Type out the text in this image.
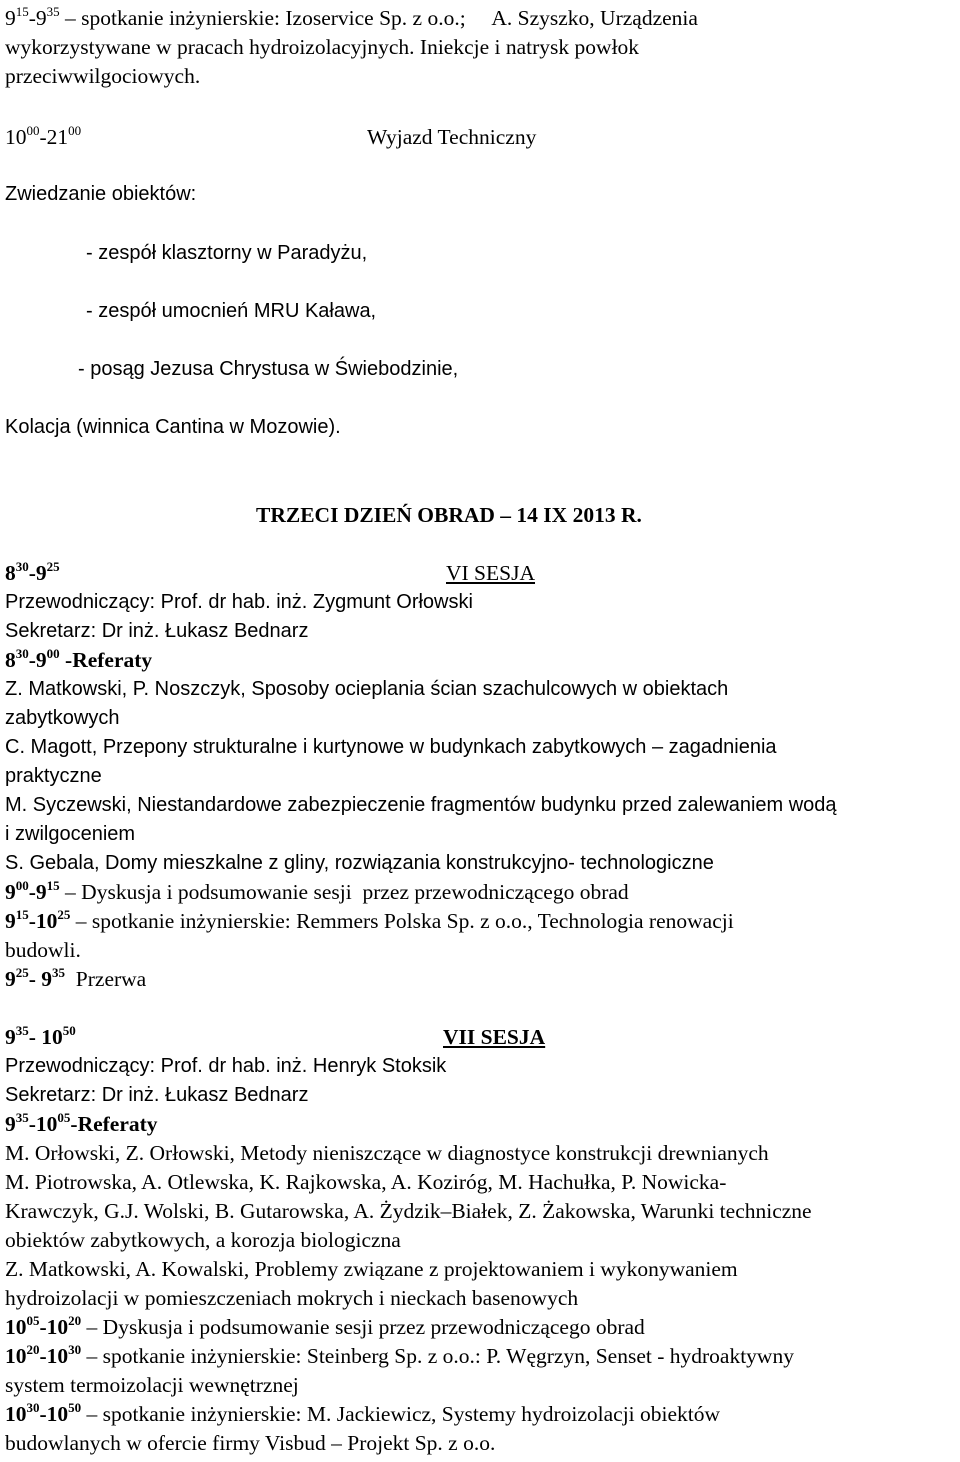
$9^{15}-9^{35}$ – spotkanie inżynierskie: Izoservice Sp. z o.o.;     A. Szyszko, Urządzenia
wykorzystywane w pracach hydroizolacyjnych. Iniekcje i natrysk powłok
przeciwwilgociowych.
$10^{00}-21^{00}$	Wyjazd Techniczny
Zwiedzanie obiektów:
- zespół klasztorny w Paradyżu,
- zespół umocnień MRU Kaława,
- posąg Jezusa Chrystusa w Świebodzinie,
Kolacja (winnica Cantina w Mozowie).
TRZECI DZIEŃ OBRAD – 14 IX 2013 R.
$8^{30}-9^{25}$	VI SESJA
Przewodniczący: Prof. dr hab. inż. Zygmunt Orłowski
Sekretarz: Dr inż. Łukasz Bednarz
$8^{30}-9^{00}$ -Referaty
Z. Matkowski, P. Noszczyk, Sposoby ocieplania ścian szachulcowych w obiektach
zabytkowych
C. Magott, Przepony strukturalne i kurtynowe w budynkach zabytkowych – zagadnienia
praktyczne
M. Syczewski, Niestandardowe zabezpieczenie fragmentów budynku przed zalewaniem wodą
i zwilgoceniem
S. Gebala, Domy mieszkalne z gliny, rozwiązania konstrukcyjno- technologiczne
$9^{00}-9^{15}$ – Dyskusja i podsumowanie sesji  przez przewodniczącego obrad
$9^{15}-10^{25}$ – spotkanie inżynierskie: Remmers Polska Sp. z o.o., Technologia renowacji
budowli.
$9^{25}-$ $9^{35}$  Przerwa
$9^{35}-$ $10^{50}$	VII SESJA
Przewodniczący: Prof. dr hab. inż. Henryk Stoksik
Sekretarz: Dr inż. Łukasz Bednarz
$9^{35}-10^{05}$-Referaty
M. Orłowski, Z. Orłowski, Metody nieniszczące w diagnostyce konstrukcji drewnianych
M. Piotrowska, A. Otlewska, K. Rajkowska, A. Koziróg, M. Hachułka, P. Nowicka-
Krawczyk, G.J. Wolski, B. Gutarowska, A. Żydzik–Białek, Z. Żakowska, Warunki techniczne
obiektów zabytkowych, a korozja biologiczna
Z. Matkowski, A. Kowalski, Problemy związane z projektowaniem i wykonywaniem
hydroizolacji w pomieszczeniach mokrych i nieckach basenowych
$10^{05}-10^{20}$ – Dyskusja i podsumowanie sesji przez przewodniczącego obrad
$10^{20}-10^{30}$ – spotkanie inżynierskie: Steinberg Sp. z o.o.: P. Węgrzyn, Senset - hydroaktywny
system termoizolacji wewnętrznej
$10^{30}-10^{50}$ – spotkanie inżynierskie: M. Jackiewicz, Systemy hydroizolacji obiektów
budowlanych w ofercie firmy Visbud – Projekt Sp. z o.o.
